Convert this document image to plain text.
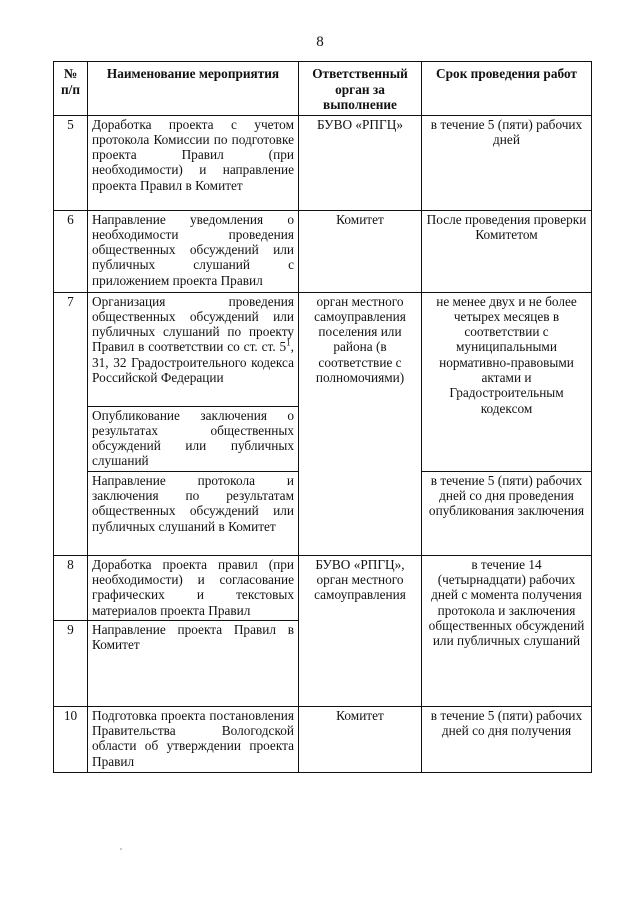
8
№ п/п	Наименование мероприятия	Ответственный орган за выполнение	Срок проведения работ
5	Доработка проекта с учетом протокола Комиссии по подготовке проекта Правил (при необходимости) и направление проекта Правил в Комитет	БУВО «РПГЦ»	в течение 5 (пяти) рабочих дней
6	Направление уведомления о необходимости проведения общественных обсуждений или публичных слушаний с приложением проекта Правил	Комитет	После проведения проверки Комитетом
7	Организация проведения общественных обсуждений или публичных слушаний по проекту Правил в соответствии со ст. ст. $5^1$, 31, 32 Градостроительного кодекса Российской Федерации	орган местного самоуправления поселения или района (в соответствие с полномочиями)	не менее двух и не более четырех месяцев в соответствии с муниципальными нормативно-правовыми актами и Градостроительным кодексом
	Опубликование заключения о результатах общественных обсуждений или публичных слушаний		
	Направление протокола и заключения по результатам общественных обсуждений или публичных слушаний в Комитет		в течение 5 (пяти) рабочих дней со дня проведения опубликования заключения
8	Доработка проекта правил (при необходимости) и согласование графических и текстовых материалов проекта Правил	БУВО «РПГЦ», орган местного самоуправления	в течение 14 (четырнадцати) рабочих дней с момента получения протокола и заключения общественных обсуждений или публичных слушаний
9	Направление проекта Правил в Комитет		
10	Подготовка проекта постановления Правительства Вологодской области об утверждении проекта Правил	Комитет	в течение 5 (пяти) рабочих дней со дня получения
